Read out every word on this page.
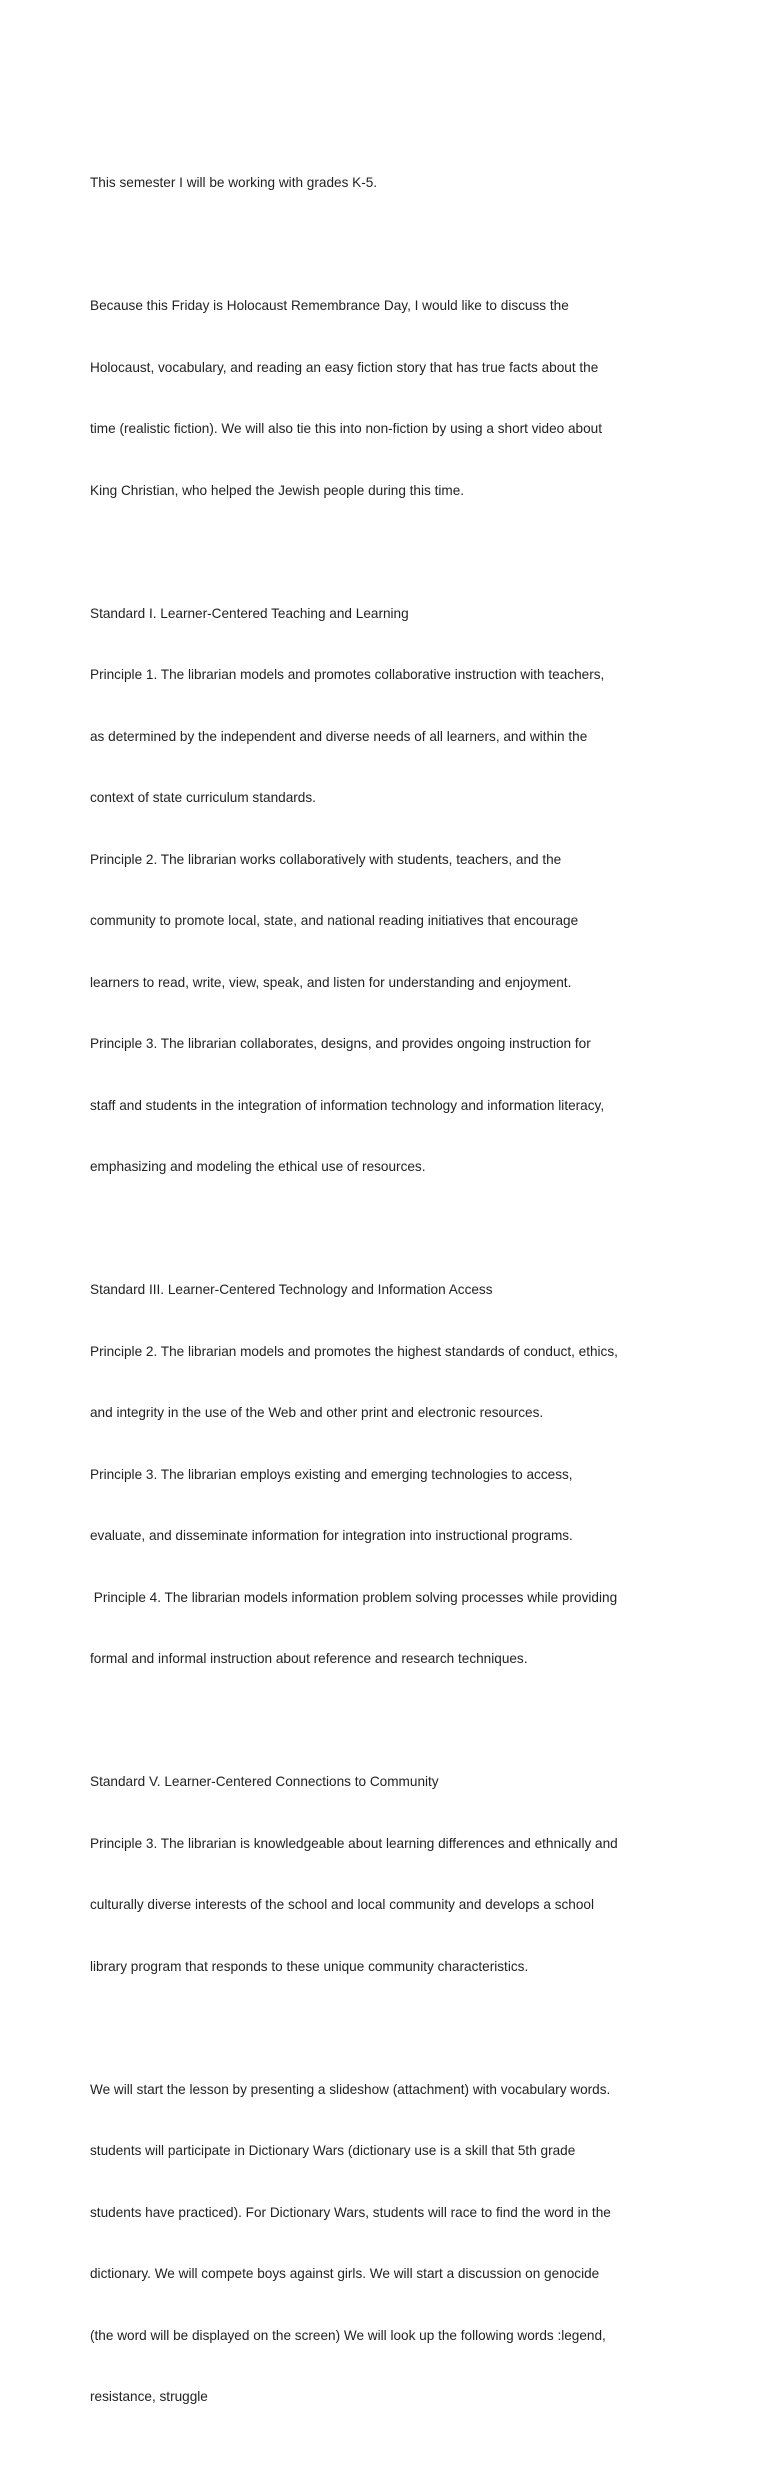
This semester I will be working with grades K-5.

Because this Friday is Holocaust Remembrance Day, I would like to discuss the

Holocaust, vocabulary, and reading an easy fiction story that has true facts about the

time (realistic fiction). We will also tie this into non-fiction by using a short video about

King Christian, who helped the Jewish people during this time.

Standard I. Learner-Centered Teaching and Learning

Principle 1. The librarian models and promotes collaborative instruction with teachers,

as determined by the independent and diverse needs of all learners, and within the

context of state curriculum standards.

Principle 2. The librarian works collaboratively with students, teachers, and the

community to promote local, state, and national reading initiatives that encourage

learners to read, write, view, speak, and listen for understanding and enjoyment.

Principle 3. The librarian collaborates, designs, and provides ongoing instruction for

staff and students in the integration of information technology and information literacy,

emphasizing and modeling the ethical use of resources.

Standard III. Learner-Centered Technology and Information Access

Principle 2. The librarian models and promotes the highest standards of conduct, ethics,

and integrity in the use of the Web and other print and electronic resources.

Principle 3. The librarian employs existing and emerging technologies to access,

evaluate, and disseminate information for integration into instructional programs.

Principle 4. The librarian models information problem solving processes while providing

formal and informal instruction about reference and research techniques.

Standard V. Learner-Centered Connections to Community

Principle 3. The librarian is knowledgeable about learning differences and ethnically and

culturally diverse interests of the school and local community and develops a school

library program that responds to these unique community characteristics.

We will start the lesson by presenting a slideshow (attachment) with vocabulary words.

students will participate in Dictionary Wars (dictionary use is a skill that 5th grade

students have practiced). For Dictionary Wars, students will race to find the word in the

dictionary. We will compete boys against girls. We will start a discussion on genocide

(the word will be displayed on the screen) We will look up the following words :legend,

resistance, struggle
